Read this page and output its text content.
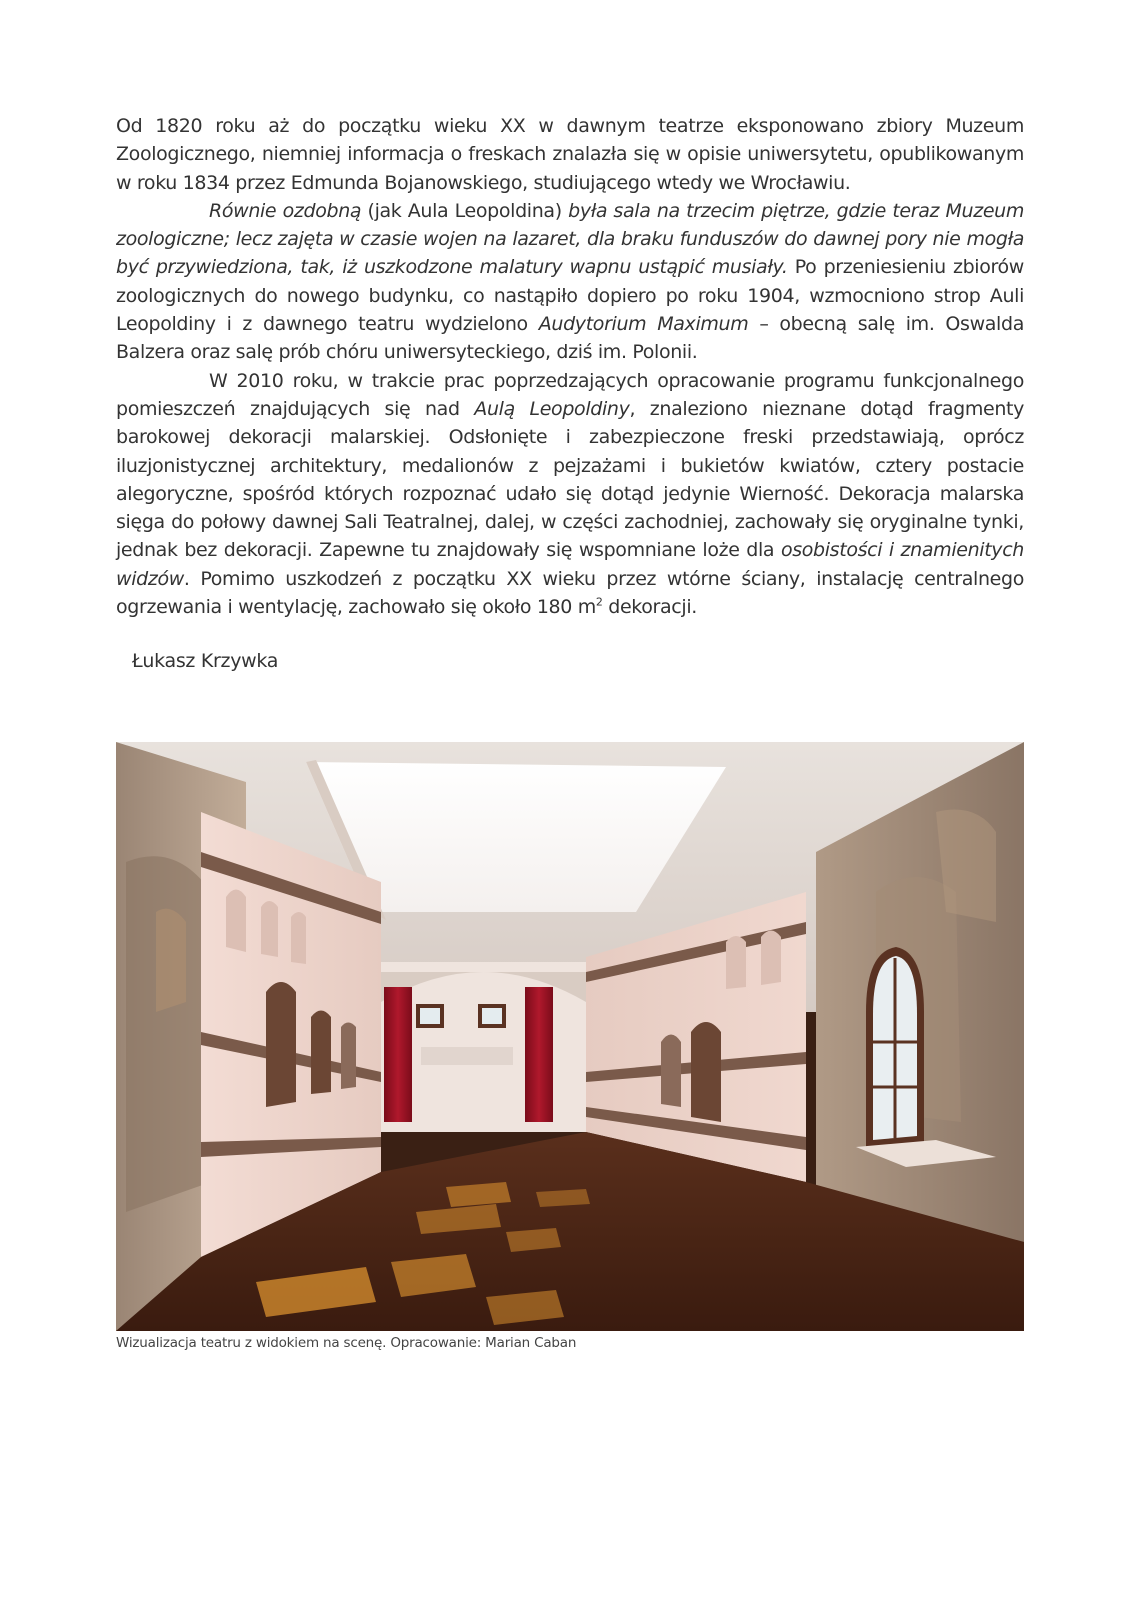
Od 1820 roku aż do początku wieku XX w dawnym teatrze eksponowano zbiory Muzeum Zoologicznego, niemniej informacja o freskach znalazła się w opisie uniwersytetu, opublikowanym w roku 1834 przez Edmunda Bojanowskiego, studiującego wtedy we Wrocławiu.

Równie ozdobną (jak Aula Leopoldina) była sala na trzecim piętrze, gdzie teraz Muzeum zoologiczne; lecz zajęta w czasie wojen na lazaret, dla braku funduszów do dawnej pory nie mogła być przywiedziona, tak, iż uszkodzone malatury wapnu ustąpić musiały. Po przeniesieniu zbiorów zoologicznych do nowego budynku, co nastąpiło dopiero po roku 1904, wzmocniono strop Auli Leopoldiny i z dawnego teatru wydzielono Audytorium Maximum – obecną salę im. Oswalda Balzera oraz salę prób chóru uniwersyteckiego, dziś im. Polonii.

W 2010 roku, w trakcie prac poprzedzających opracowanie programu funkcjonalnego pomieszczeń znajdujących się nad Aulą Leopoldiny, znaleziono nieznane dotąd fragmenty barokowej dekoracji malarskiej. Odsłonięte i zabezpieczone freski przedstawiają, oprócz iluzjonistycznej architektury, medalionów z pejzażami i bukietów kwiatów, cztery postacie alegoryczne, spośród których rozpoznać udało się dotąd jedynie Wierność. Dekoracja malarska sięga do połowy dawnej Sali Teatralnej, dalej, w części zachodniej, zachowały się oryginalne tynki, jednak bez dekoracji. Zapewne tu znajdowały się wspomniane loże dla osobistości i znamienitych widzów. Pomimo uszkodzeń z początku XX wieku przez wtórne ściany, instalację centralnego ogrzewania i wentylację, zachowało się około 180 $m^2$ dekoracji.

Łukasz Krzywka
Wizualizacja teatru z widokiem na scenę. Opracowanie: Marian Caban
